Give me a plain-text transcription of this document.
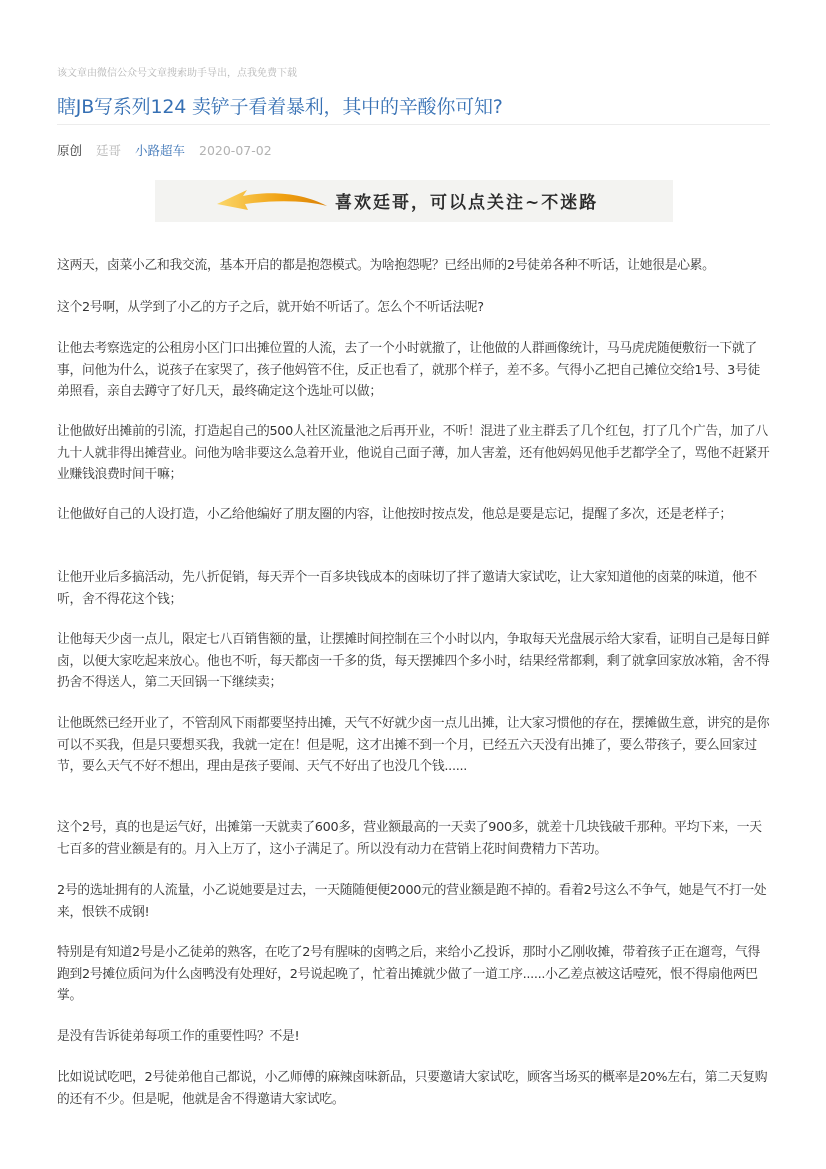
该文章由微信公众号文章搜索助手导出，点我免费下载
瞎JB写系列124 卖铲子看着暴利，其中的辛酸你可知?
原创 廷哥 小路超车 2020-07-02
喜欢廷哥，可以点关注~不迷路

这两天，卤菜小乙和我交流，基本开启的都是抱怨模式。为啥抱怨呢？已经出师的2号徒弟各种不听话，让她很是心累。

这个2号啊，从学到了小乙的方子之后，就开始不听话了。怎么个不听话法呢?

让他去考察选定的公租房小区门口出摊位置的人流，去了一个小时就撤了，让他做的人群画像统计，马马虎虎随便敷衍一下就了事，问他为什么，说孩子在家哭了，孩子他妈管不住，反正也看了，就那个样子，差不多。气得小乙把自己摊位交给1号、3号徒弟照看，亲自去蹲守了好几天，最终确定这个选址可以做；

让他做好出摊前的引流，打造起自己的500人社区流量池之后再开业，不听！混进了业主群丢了几个红包，打了几个广告，加了八九十人就非得出摊营业。问他为啥非要这么急着开业，他说自己面子薄，加人害羞，还有他妈妈见他手艺都学全了，骂他不赶紧开业赚钱浪费时间干嘛；

让他做好自己的人设打造，小乙给他编好了朋友圈的内容，让他按时按点发，他总是要是忘记，提醒了多次，还是老样子；

让他开业后多搞活动，先八折促销，每天弄个一百多块钱成本的卤味切了拌了邀请大家试吃，让大家知道他的卤菜的味道，他不听，舍不得花这个钱；

让他每天少卤一点儿，限定七八百销售额的量，让摆摊时间控制在三个小时以内，争取每天光盘展示给大家看，证明自己是每日鲜卤，以便大家吃起来放心。他也不听，每天都卤一千多的货，每天摆摊四个多小时，结果经常都剩，剩了就拿回家放冰箱，舍不得扔舍不得送人，第二天回锅一下继续卖；

让他既然已经开业了，不管刮风下雨都要坚持出摊，天气不好就少卤一点儿出摊，让大家习惯他的存在，摆摊做生意，讲究的是你可以不买我，但是只要想买我，我就一定在！但是呢，这才出摊不到一个月，已经五六天没有出摊了，要么带孩子，要么回家过节，要么天气不好不想出，理由是孩子要闹、天气不好出了也没几个钱......

这个2号，真的也是运气好，出摊第一天就卖了600多，营业额最高的一天卖了900多，就差十几块钱破千那种。平均下来，一天七百多的营业额是有的。月入上万了，这小子满足了。所以没有动力在营销上花时间费精力下苦功。

2号的选址拥有的人流量，小乙说她要是过去，一天随随便便2000元的营业额是跑不掉的。看着2号这么不争气，她是气不打一处来，恨铁不成钢!

特别是有知道2号是小乙徒弟的熟客，在吃了2号有腥味的卤鸭之后，来给小乙投诉，那时小乙刚收摊，带着孩子正在遛弯，气得跑到2号摊位质问为什么卤鸭没有处理好，2号说起晚了，忙着出摊就少做了一道工序......小乙差点被这话噎死，恨不得扇他两巴掌。

是没有告诉徒弟每项工作的重要性吗？不是!

比如说试吃吧，2号徒弟他自己都说，小乙师傅的麻辣卤味新品，只要邀请大家试吃，顾客当场买的概率是20%左右，第二天复购的还有不少。但是呢，他就是舍不得邀请大家试吃。
